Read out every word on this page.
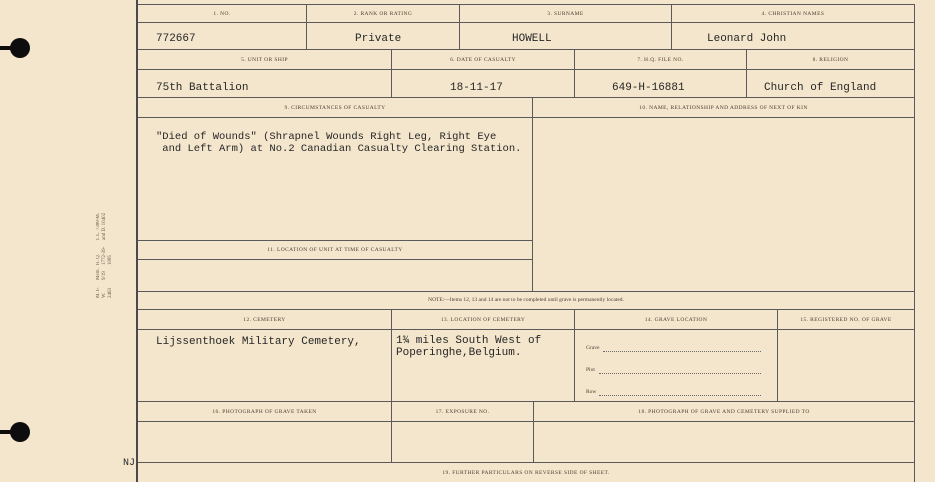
M. F. W. 2463
Mem. 9/19
H. Q. 1772-39-1085
I. L. 7388-M. and D. 10402
NJ
1. NO.
772667
2. RANK OR RATING
Private
3. SURNAME
HOWELL
4. CHRISTIAN NAMES
Leonard John
5. UNIT OR SHIP
75th Battalion
6. DATE OF CASUALTY
18-11-17
7. H.Q. FILE NO.
649-H-16881
8. RELIGION
Church of England
9. CIRCUMSTANCES OF CASUALTY
"Died of Wounds" (Shrapnel Wounds Right Leg, Right Eye
and Left Arm) at No.2 Canadian Casualty Clearing Station.
11. LOCATION OF UNIT AT TIME OF CASUALTY
10. NAME, RELATIONSHIP AND ADDRESS OF NEXT OF KIN
NOTE:—Items 12, 13 and 14 are not to be completed until grave is permanently located.
12. CEMETERY
Lijssenthoek Military Cemetery,
13. LOCATION OF CEMETERY
1¾ miles South West of
Poperinghe,Belgium.
14. GRAVE LOCATION
Grave
Plot
Row
15. REGISTERED NO. OF GRAVE
16. PHOTOGRAPH OF GRAVE TAKEN	17. EXPOSURE NO.	18. PHOTOGRAPH OF GRAVE AND CEMETERY SUPPLIED TO
19. FURTHER PARTICULARS ON REVERSE SIDE OF SHEET.
